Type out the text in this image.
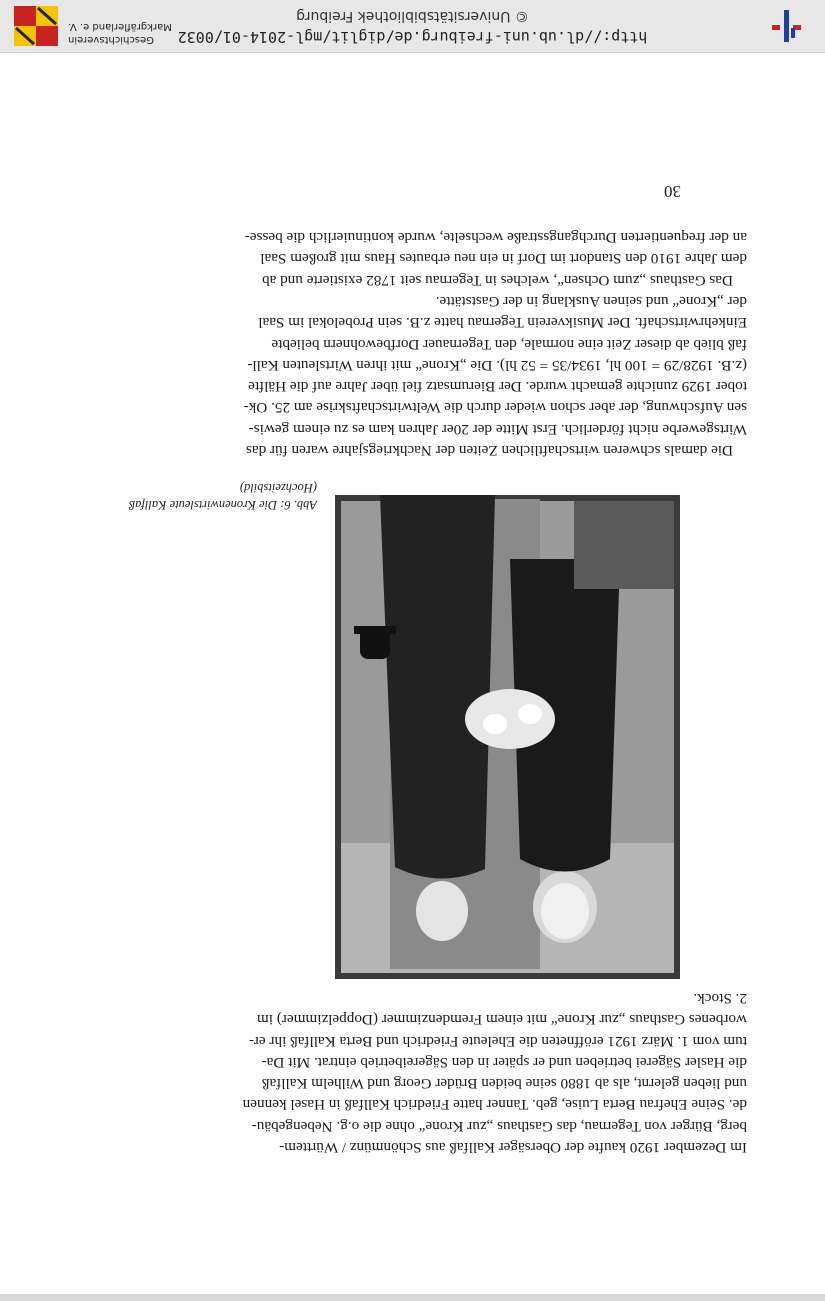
Im Dezember 1920 kaufte der Obersäger Kallfaß aus Schönmünz / Württem-

berg, Bürger von Tegernau, das Gasthaus „zur Krone“ ohne die o.g. Nebengebäu-

de. Seine Ehefrau Berta Luise, geb. Tanner hatte Friedrich Kallfaß in Hasel kennen

und lieben gelernt, als ab 1880 seine beiden Brüder Georg und Wilhelm Kallfaß

die Hasler Sägerei betrieben und er später in den Sägereibetrieb eintrat. Mit Da-

tum vom 1. März 1921 eröffneten die Eheleute Friedrich und Berta Kallfaß ihr er-

worbenes Gasthaus „zur Krone“ mit einem Fremdenzimmer (Doppelzimmer) im

2. Stock.

Abb. 6: Die Kronenwirtsleute Kallfaß
(Hochzeitsbild)

Die damals schweren wirtschaftlichen Zeiten der Nachkriegsjahre waren für das

Wirtsgewerbe nicht förderlich. Erst Mitte der 20er Jahren kam es zu einem gewis-

sen Aufschwung, der aber schon wieder durch die Weltwirtschaftskrise am 25. Ok-

tober 1929 zunichte gemacht wurde. Der Bierumsatz fiel über Jahre auf die Hälfte

(z.B. 1928/29 = 100 hl, 1934/35 = 52 hl). Die „Krone“ mit ihren Wirtsleuten Kall-

faß blieb ab dieser Zeit eine normale, den Tegernauer Dorfbewohnern beliebte

Einkehrwirtschaft. Der Musikverein Tegernau hatte z.B. sein Probelokal im Saal

der „Krone“ und seinen Ausklang in der Gaststätte.

Das Gasthaus „zum Ochsen“, welches in Tegernau seit 1782 existierte und ab

dem Jahre 1910 den Standort im Dorf in ein neu erbautes Haus mit großem Saal

an der frequentierten Durchgangsstraße wechselte, wurde kontinuierlich die besse-

30
http://dl.ub.uni-freiburg.de/diglit/mgl-2014-01/0032
© Universitätsbibliothek Freiburg
Geschichtsverein
Markgräflerland e. V.
